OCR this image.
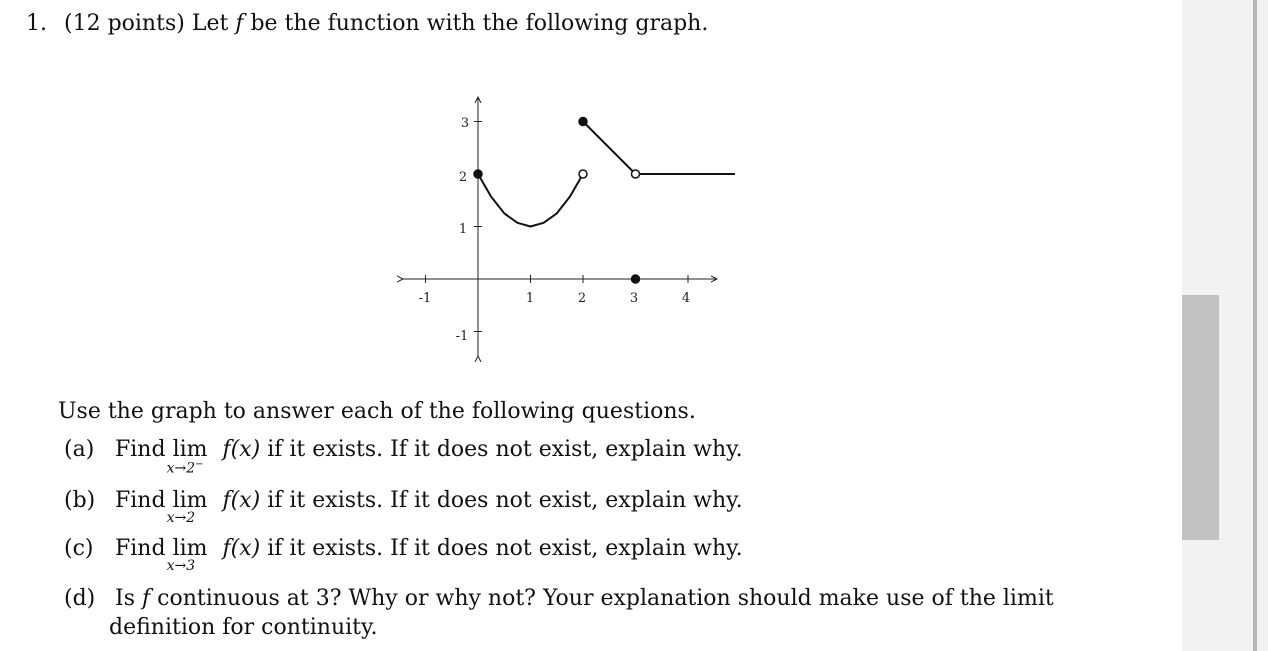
1. (12 points) Let f be the function with the following graph.
-1	1	2	3	4
3
2
1
-1
Use the graph to answer each of the following questions.
(a) Find lim
x→2−
f(x) if it exists. If it does not exist, explain why.
(b) Find lim
x→2
f(x) if it exists. If it does not exist, explain why.
(c) Find lim
x→3
f(x) if it exists. If it does not exist, explain why.
(d) Is f continuous at 3? Why or why not? Your explanation should make use of the limit
definition for continuity.
